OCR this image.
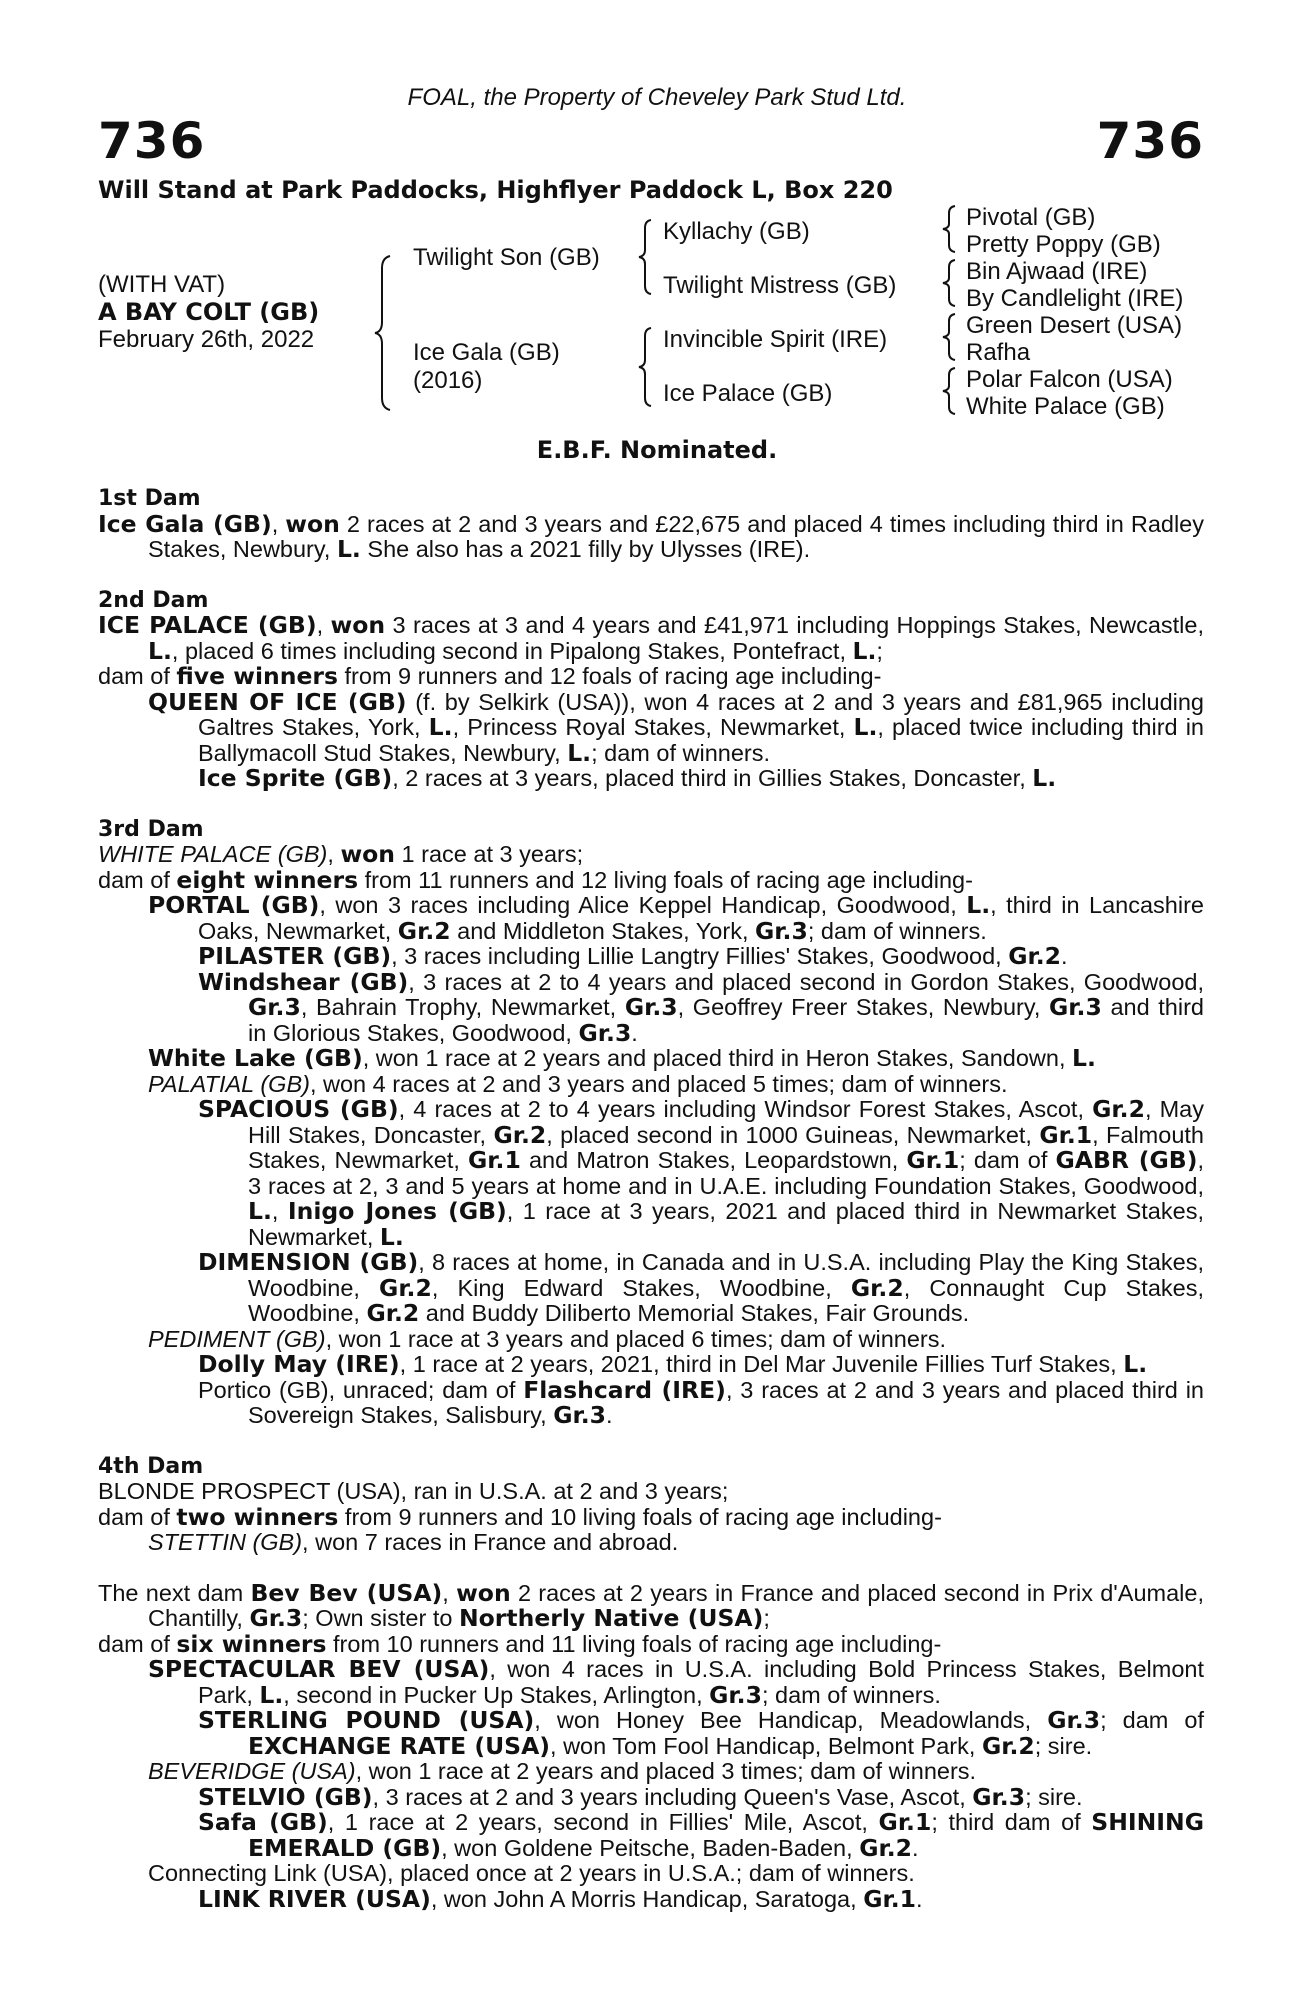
FOAL, the Property of Cheveley Park Stud Ltd.
736	736
Will Stand at Park Paddocks, Highflyer Paddock L, Box 220
(WITH VAT)
A BAY COLT (GB)
February 26th, 2022
Twilight Son (GB)
Ice Gala (GB)
(2016)
Kyllachy (GB)
Twilight Mistress (GB)
Invincible Spirit (IRE)
Ice Palace (GB)
Pivotal (GB)
Pretty Poppy (GB)
Bin Ajwaad (IRE)
By Candlelight (IRE)
Green Desert (USA)
Rafha
Polar Falcon (USA)
White Palace (GB)
E.B.F. Nominated.
1st Dam
Ice Gala (GB), won 2 races at 2 and 3 years and £22,675 and placed 4 times including third in Radley Stakes, Newbury, L. She also has a 2021 filly by Ulysses (IRE).
2nd Dam
ICE PALACE (GB), won 3 races at 3 and 4 years and £41,971 including Hoppings Stakes, Newcastle, L., placed 6 times including second in Pipalong Stakes, Pontefract, L.;
dam of five winners from 9 runners and 12 foals of racing age including-
QUEEN OF ICE (GB) (f. by Selkirk (USA)), won 4 races at 2 and 3 years and £81,965 including Galtres Stakes, York, L., Princess Royal Stakes, Newmarket, L., placed twice including third in Ballymacoll Stud Stakes, Newbury, L.; dam of winners.
Ice Sprite (GB), 2 races at 3 years, placed third in Gillies Stakes, Doncaster, L.
3rd Dam
WHITE PALACE (GB), won 1 race at 3 years;
dam of eight winners from 11 runners and 12 living foals of racing age including-
PORTAL (GB), won 3 races including Alice Keppel Handicap, Goodwood, L., third in Lancashire Oaks, Newmarket, Gr.2 and Middleton Stakes, York, Gr.3; dam of winners.
PILASTER (GB), 3 races including Lillie Langtry Fillies' Stakes, Goodwood, Gr.2.
Windshear (GB), 3 races at 2 to 4 years and placed second in Gordon Stakes, Goodwood, Gr.3, Bahrain Trophy, Newmarket, Gr.3, Geoffrey Freer Stakes, Newbury, Gr.3 and third in Glorious Stakes, Goodwood, Gr.3.
White Lake (GB), won 1 race at 2 years and placed third in Heron Stakes, Sandown, L.
PALATIAL (GB), won 4 races at 2 and 3 years and placed 5 times; dam of winners.
SPACIOUS (GB), 4 races at 2 to 4 years including Windsor Forest Stakes, Ascot, Gr.2, May Hill Stakes, Doncaster, Gr.2, placed second in 1000 Guineas, Newmarket, Gr.1, Falmouth Stakes, Newmarket, Gr.1 and Matron Stakes, Leopardstown, Gr.1; dam of GABR (GB), 3 races at 2, 3 and 5 years at home and in U.A.E. including Foundation Stakes, Goodwood, L., Inigo Jones (GB), 1 race at 3 years, 2021 and placed third in Newmarket Stakes, Newmarket, L.
DIMENSION (GB), 8 races at home, in Canada and in U.S.A. including Play the King Stakes, Woodbine, Gr.2, King Edward Stakes, Woodbine, Gr.2, Connaught Cup Stakes, Woodbine, Gr.2 and Buddy Diliberto Memorial Stakes, Fair Grounds.
PEDIMENT (GB), won 1 race at 3 years and placed 6 times; dam of winners.
Dolly May (IRE), 1 race at 2 years, 2021, third in Del Mar Juvenile Fillies Turf Stakes, L.
Portico (GB), unraced; dam of Flashcard (IRE), 3 races at 2 and 3 years and placed third in Sovereign Stakes, Salisbury, Gr.3.
4th Dam
BLONDE PROSPECT (USA), ran in U.S.A. at 2 and 3 years;
dam of two winners from 9 runners and 10 living foals of racing age including-
STETTIN (GB), won 7 races in France and abroad.
The next dam Bev Bev (USA), won 2 races at 2 years in France and placed second in Prix d'Aumale, Chantilly, Gr.3; Own sister to Northerly Native (USA);
dam of six winners from 10 runners and 11 living foals of racing age including-
SPECTACULAR BEV (USA), won 4 races in U.S.A. including Bold Princess Stakes, Belmont Park, L., second in Pucker Up Stakes, Arlington, Gr.3; dam of winners.
STERLING POUND (USA), won Honey Bee Handicap, Meadowlands, Gr.3; dam of EXCHANGE RATE (USA), won Tom Fool Handicap, Belmont Park, Gr.2; sire.
BEVERIDGE (USA), won 1 race at 2 years and placed 3 times; dam of winners.
STELVIO (GB), 3 races at 2 and 3 years including Queen's Vase, Ascot, Gr.3; sire.
Safa (GB), 1 race at 2 years, second in Fillies' Mile, Ascot, Gr.1; third dam of SHINING EMERALD (GB), won Goldene Peitsche, Baden-Baden, Gr.2.
Connecting Link (USA), placed once at 2 years in U.S.A.; dam of winners.
LINK RIVER (USA), won John A Morris Handicap, Saratoga, Gr.1.
